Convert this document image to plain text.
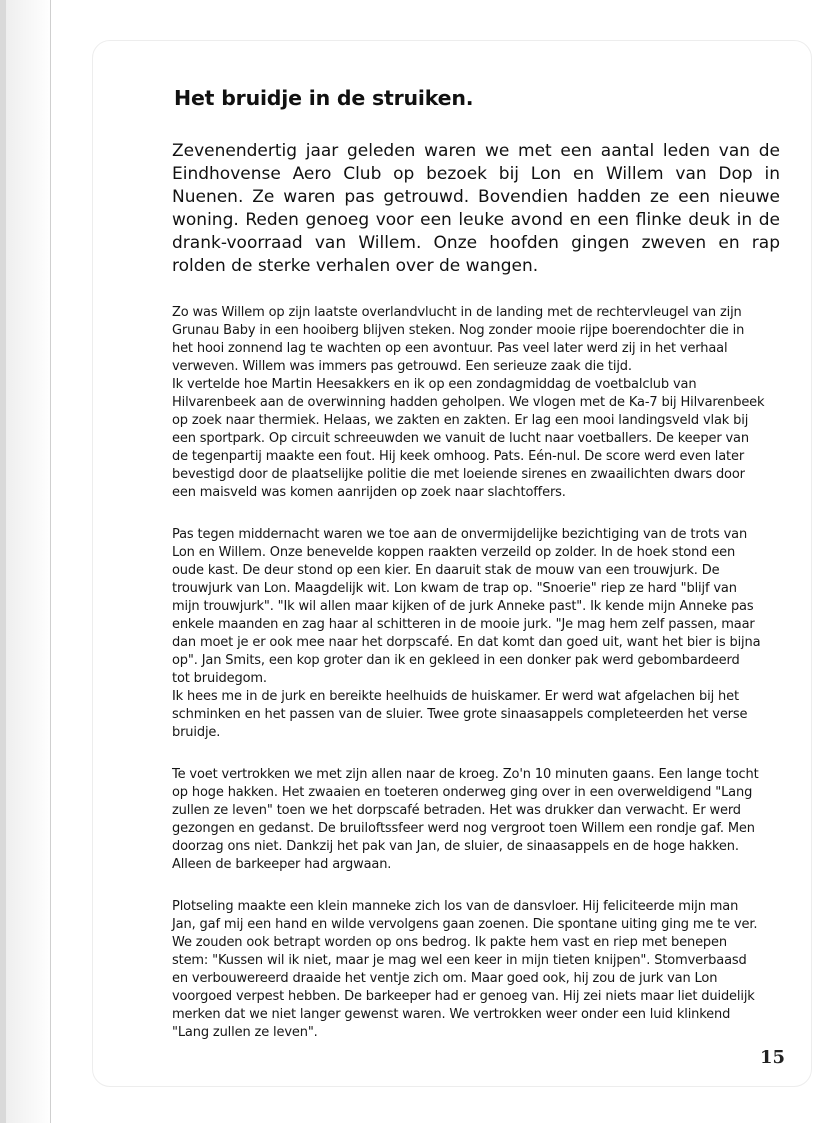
Het bruidje in de struiken.

Zevenendertig jaar geleden waren we met een aantal leden van de Eindhovense Aero Club op bezoek bij Lon en Willem van Dop in Nuenen. Ze waren pas getrouwd. Bovendien hadden ze een nieuwe woning. Reden genoeg voor een leuke avond en een flinke deuk in de drank-voorraad van Willem. Onze hoofden gingen zweven en rap rolden de sterke verhalen over de wangen.

Zo was Willem op zijn laatste overlandvlucht in de landing met de rechtervleugel van zijn
Grunau Baby in een hooiberg blijven steken. Nog zonder mooie rijpe boerendochter die in
het hooi zonnend lag te wachten op een avontuur. Pas veel later werd zij in het verhaal
verweven. Willem was immers pas getrouwd. Een serieuze zaak die tijd.
Ik vertelde hoe Martin Heesakkers en ik op een zondagmiddag de voetbalclub van
Hilvarenbeek aan de overwinning hadden geholpen. We vlogen met de Ka-7 bij Hilvarenbeek
op zoek naar thermiek. Helaas, we zakten en zakten. Er lag een mooi landingsveld vlak bij
een sportpark. Op circuit schreeuwden we vanuit de lucht naar voetballers. De keeper van
de tegenpartij maakte een fout. Hij keek omhoog. Pats. Eén-nul. De score werd even later
bevestigd door de plaatselijke politie die met loeiende sirenes en zwaailichten dwars door
een maisveld was komen aanrijden op zoek naar slachtoffers.

Pas tegen middernacht waren we toe aan de onvermijdelijke bezichtiging van de trots van
Lon en Willem. Onze benevelde koppen raakten verzeild op zolder. In de hoek stond een
oude kast. De deur stond op een kier. En daaruit stak de mouw van een trouwjurk. De
trouwjurk van Lon. Maagdelijk wit. Lon kwam de trap op. "Snoerie" riep ze hard "blijf van
mijn trouwjurk". "Ik wil allen maar kijken of de jurk Anneke past". Ik kende mijn Anneke pas
enkele maanden en zag haar al schitteren in de mooie jurk. "Je mag hem zelf passen, maar
dan moet je er ook mee naar het dorpscafé. En dat komt dan goed uit, want het bier is bijna
op". Jan Smits, een kop groter dan ik en gekleed in een donker pak werd gebombardeerd
tot bruidegom.
Ik hees me in de jurk en bereikte heelhuids de huiskamer. Er werd wat afgelachen bij het
schminken en het passen van de sluier. Twee grote sinaasappels completeerden het verse
bruidje.

Te voet vertrokken we met zijn allen naar de kroeg. Zo'n 10 minuten gaans. Een lange tocht
op hoge hakken. Het zwaaien en toeteren onderweg ging over in een overweldigend "Lang
zullen ze leven" toen we het dorpscafé betraden. Het was drukker dan verwacht. Er werd
gezongen en gedanst. De bruiloftssfeer werd nog vergroot toen Willem een rondje gaf. Men
doorzag ons niet. Dankzij het pak van Jan, de sluier, de sinaasappels en de hoge hakken.
Alleen de barkeeper had argwaan.

Plotseling maakte een klein manneke zich los van de dansvloer. Hij feliciteerde mijn man
Jan, gaf mij een hand en wilde vervolgens gaan zoenen. Die spontane uiting ging me te ver.
We zouden ook betrapt worden op ons bedrog. Ik pakte hem vast en riep met benepen
stem: "Kussen wil ik niet, maar je mag wel een keer in mijn tieten knijpen". Stomverbaasd
en verbouwereerd draaide het ventje zich om. Maar goed ook, hij zou de jurk van Lon
voorgoed verpest hebben. De barkeeper had er genoeg van. Hij zei niets maar liet duidelijk
merken dat we niet langer gewenst waren. We vertrokken weer onder een luid klinkend
"Lang zullen ze leven".

15
